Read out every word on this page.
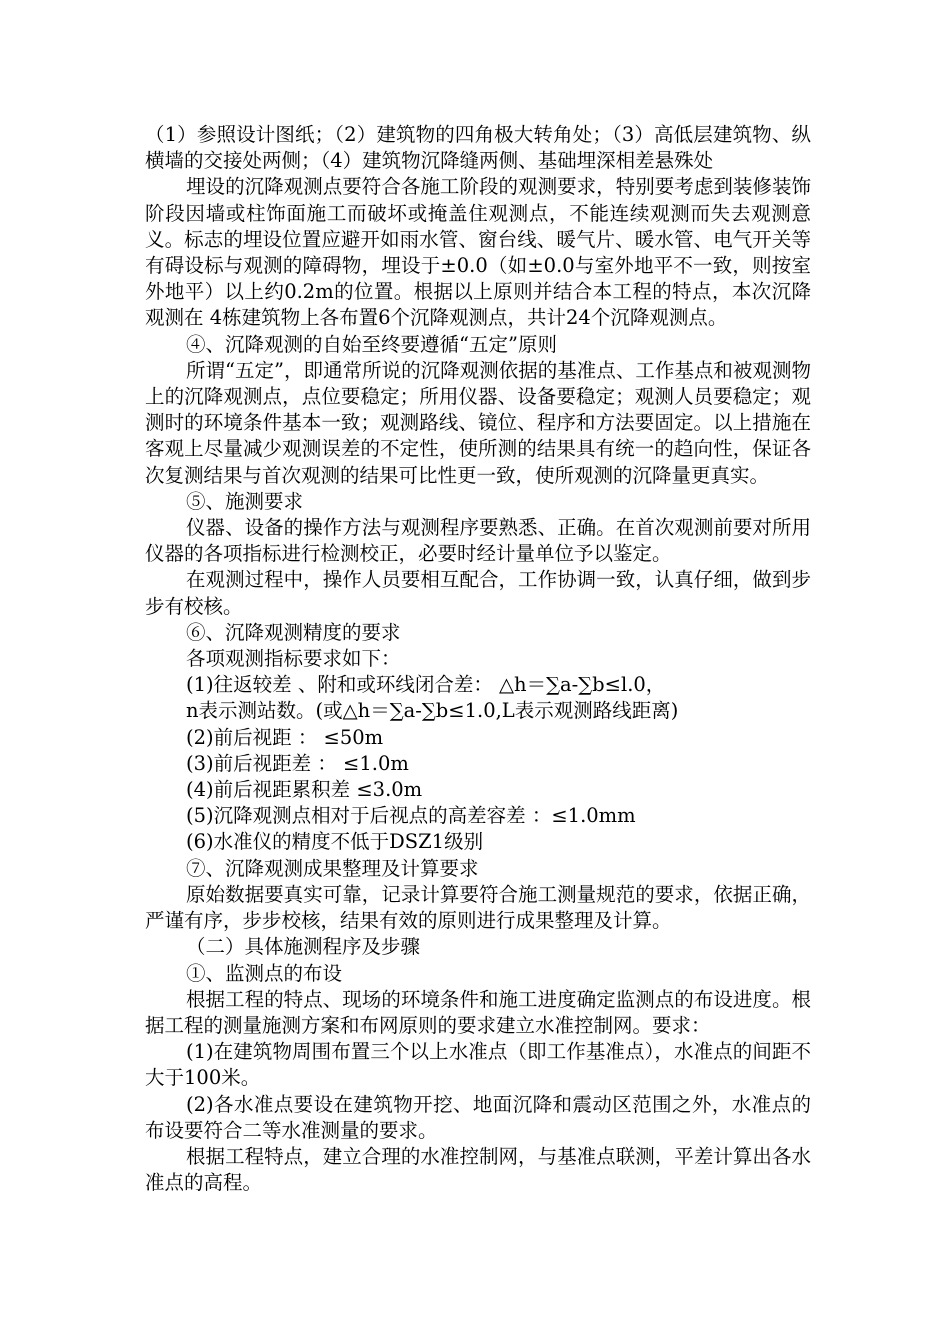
（1）参照设计图纸；（2）建筑物的四角极大转角处；（3）高低层建筑物、纵横墙的交接处两侧；（4）建筑物沉降缝两侧、基础埋深相差悬殊处

埋设的沉降观测点要符合各施工阶段的观测要求，特别要考虑到装修装饰阶段因墙或柱饰面施工而破坏或掩盖住观测点，不能连续观测而失去观测意义。标志的埋设位置应避开如雨水管、窗台线、暖气片、暖水管、电气开关等有碍设标与观测的障碍物，埋设于±0.0（如±0.0与室外地平不一致，则按室外地平）以上约0.2m的位置。根据以上原则并结合本工程的特点，本次沉降观测在 4栋建筑物上各布置6个沉降观测点，共计24个沉降观测点。

④、沉降观测的自始至终要遵循“五定”原则

所谓“五定”，即通常所说的沉降观测依据的基准点、工作基点和被观测物上的沉降观测点，点位要稳定；所用仪器、设备要稳定；观测人员要稳定；观测时的环境条件基本一致；观测路线、镜位、程序和方法要固定。以上措施在客观上尽量减少观测误差的不定性，使所测的结果具有统一的趋向性，保证各次复测结果与首次观测的结果可比性更一致，使所观测的沉降量更真实。

⑤、施测要求

仪器、设备的操作方法与观测程序要熟悉、正确。在首次观测前要对所用仪器的各项指标进行检测校正，必要时经计量单位予以鉴定。

在观测过程中，操作人员要相互配合，工作协调一致，认真仔细，做到步步有校核。

⑥、沉降观测精度的要求

各项观测指标要求如下：

(1)往返较差 、附和或环线闭合差： △h＝∑a-∑b≤l.0，

n表示测站数。(或△h＝∑a-∑b≤1.0,L表示观测路线距离)

(2)前后视距 ： ≤50m

(3)前后视距差 ： ≤1.0m

(4)前后视距累积差 ≤3.0m

(5)沉降观测点相对于后视点的高差容差 ：≤1.0mm

(6)水准仪的精度不低于DSZ1级别

⑦、沉降观测成果整理及计算要求

原始数据要真实可靠，记录计算要符合施工测量规范的要求，依据正确，严谨有序，步步校核，结果有效的原则进行成果整理及计算。

（二）具体施测程序及步骤

①、监测点的布设

根据工程的特点、现场的环境条件和施工进度确定监测点的布设进度。根据工程的测量施测方案和布网原则的要求建立水准控制网。要求：

(1)在建筑物周围布置三个以上水准点（即工作基准点），水准点的间距不大于100米。

(2)各水准点要设在建筑物开挖、地面沉降和震动区范围之外，水准点的布设要符合二等水准测量的要求。

根据工程特点，建立合理的水准控制网，与基准点联测，平差计算出各水准点的高程。
